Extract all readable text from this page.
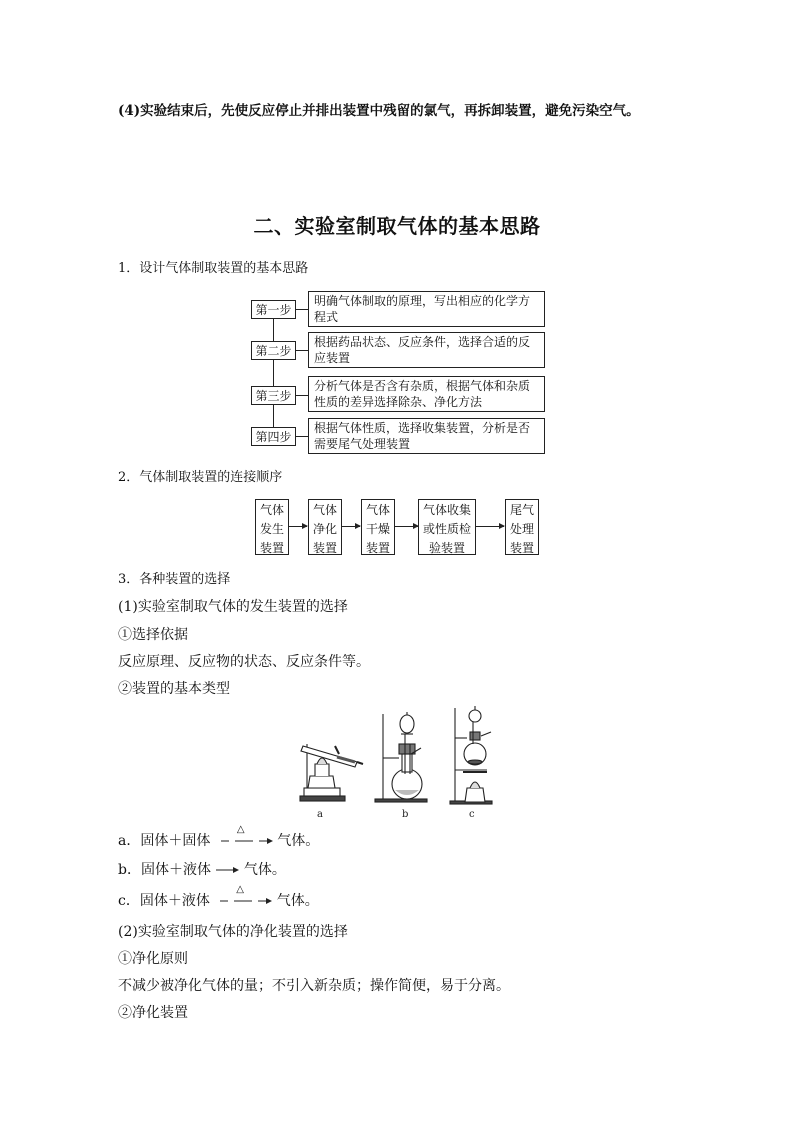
(4)实验结束后，先使反应停止并排出装置中残留的氯气，再拆卸装置，避免污染空气。
二、实验室制取气体的基本思路
1．设计气体制取装置的基本思路
第一步
明确气体制取的原理，写出相应的化学方程式
第二步
根据药品状态、反应条件，选择合适的反应装置
第三步
分析气体是否含有杂质，根据气体和杂质性质的差异选择除杂、净化方法
第四步
根据气体性质，选择收集装置，分析是否需要尾气处理装置
2．气体制取装置的连接顺序
气体
发生
装置
气体
净化
装置
气体
干燥
装置
气体收集
或性质检
验装置
尾气
处理
装置
3．各种装置的选择
(1)实验室制取气体的发生装置的选择
①选择依据
反应原理、反应物的状态、反应条件等。
②装置的基本类型
a	b	c
a．固体＋固体
△
气体。
b．固体＋液体 气体。
c．固体＋液体
△
气体。
(2)实验室制取气体的净化装置的选择
①净化原则
不减少被净化气体的量；不引入新杂质；操作简便，易于分离。
②净化装置
